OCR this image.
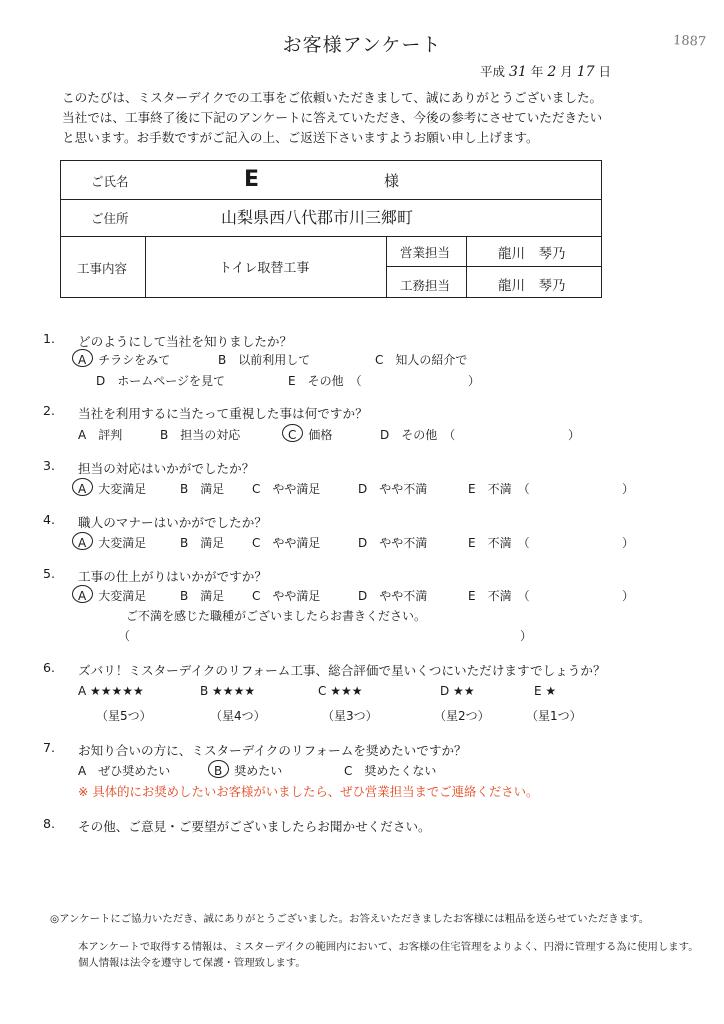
お客様アンケート	1887
平成 31 年 2 月 17 日
このたびは、ミスターデイクでの工事をご依頼いただきまして、誠にありがとうございました。
当社では、工事終了後に下記のアンケートに答えていただき、今後の参考にさせていただきたい
と思います。お手数ですがご記入の上、ご返送下さいますようお願い申し上げます。
ご氏名	E	様
ご住所	山梨県西八代郡市川三郷町
工事内容	トイレ取替工事
営業担当	龍川　琴乃
工務担当	龍川　琴乃
1. どのようにして当社を知りましたか？
A　チラシをみて	B　以前利用して	C　知人の紹介で
D　ホームページを見て	E　その他　（	）
2. 当社を利用するに当たって重視した事は何ですか？
A　評判	B　担当の対応	C　価格	D　その他　（	）
3. 担当の対応はいかがでしたか？
A　大変満足	B　満足 C　やや満足	D　やや不満	E　不満　（	）
4. 職人のマナーはいかがでしたか？
A　大変満足	B　満足 C　やや満足	D　やや不満	E　不満　（	）
5. 工事の仕上がりはいかがですか？
A　大変満足	B　満足 C　やや満足	D　やや不満	E　不満　（	）
ご不満を感じた職種がございましたらお書きください。
（	）
6. ズバリ！ミスターデイクのリフォーム工事、総合評価で星いくつにいただけますでしょうか？
A ★★★★★	B ★★★★	C ★★★	D ★★	E ★
（星5つ）	（星4つ）	（星3つ）	（星2つ）	（星1つ）
7. お知り合いの方に、ミスターデイクのリフォームを奨めたいですか？
A　ぜひ奨めたい	B　奨めたい	C　奨めたくない
※ 具体的にお奨めしたいお客様がいましたら、ぜひ営業担当までご連絡ください。
8. その他、ご意見・ご要望がございましたらお聞かせください。
◎アンケートにご協力いただき、誠にありがとうございました。お答えいただきましたお客様には粗品を送らせていただきます。
本アンケートで取得する情報は、ミスターデイクの範囲内において、お客様の住宅管理をよりよく、円滑に管理する為に使用します。
個人情報は法令を遵守して保護・管理致します。
